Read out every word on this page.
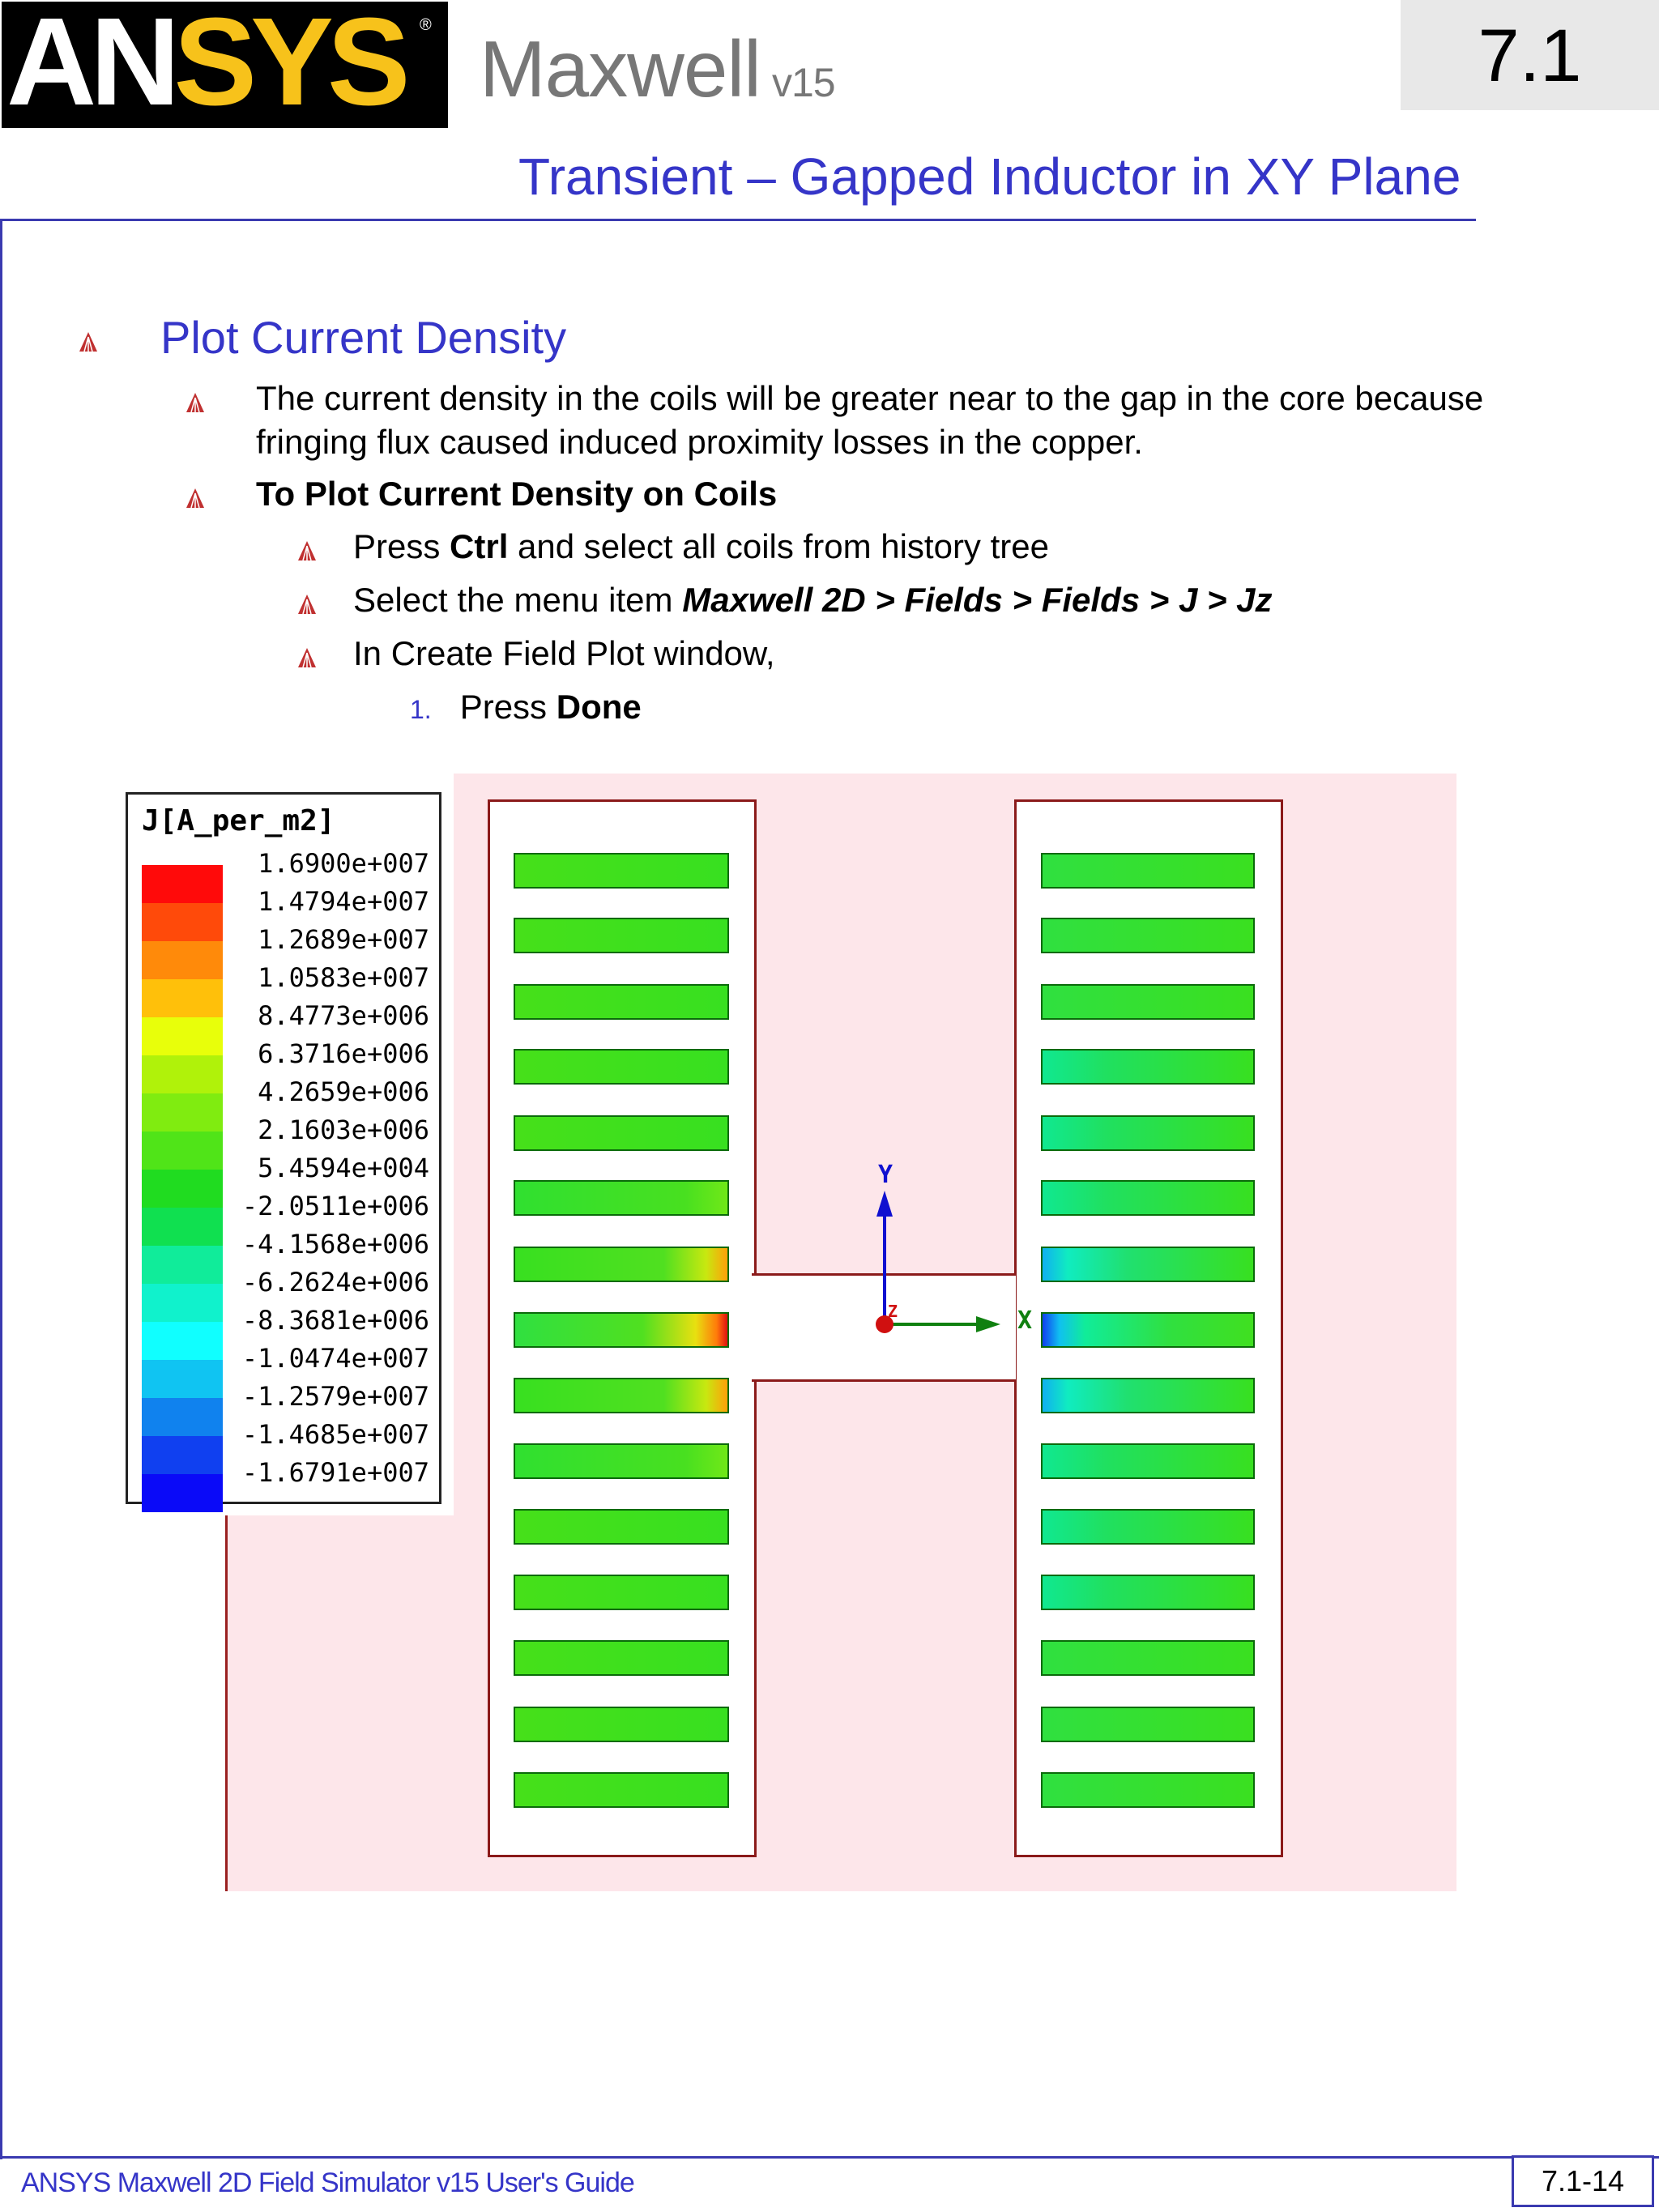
ANSYS ® Maxwell v15	7.1
Transient – Gapped Inductor in XY Plane
Plot Current Density
The current density in the coils will be greater near to the gap in the core because
fringing flux caused induced proximity losses in the copper.
To Plot Current Density on Coils
Press Ctrl and select all coils from history tree
Select the menu item Maxwell 2D > Fields > Fields > J > Jz
In Create Field Plot window,
1. Press Done
Y
X
Z
J[A_per_m2]
1.6900e+007
1.4794e+007
1.2689e+007
1.0583e+007
8.4773e+006
6.3716e+006
4.2659e+006
2.1603e+006
5.4594e+004
-2.0511e+006
-4.1568e+006
-6.2624e+006
-8.3681e+006
-1.0474e+007
-1.2579e+007
-1.4685e+007
-1.6791e+007
ANSYS Maxwell 2D Field Simulator v15 User's Guide	7.1-14
